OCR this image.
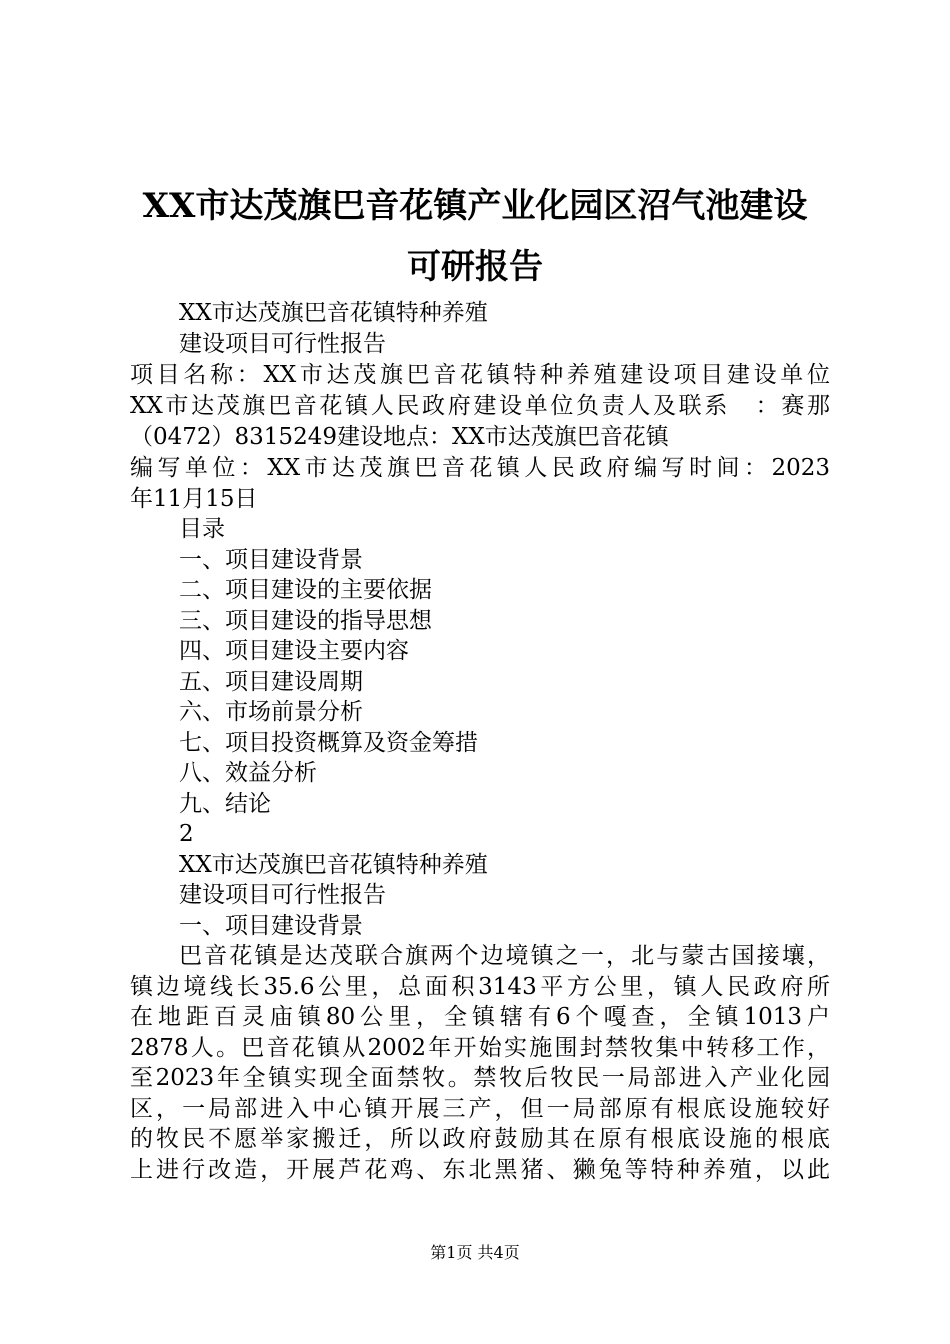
XX市达茂旗巴音花镇产业化园区沼气池建设
可研报告
XX市达茂旗巴音花镇特种养殖
建设项目可行性报告
项目名称：XX市达茂旗巴音花镇特种养殖建设项目建设单位
XX市达茂旗巴音花镇人民政府建设单位负责人及联系　：赛那
（0472）8315249建设地点：XX市达茂旗巴音花镇
编写单位：XX市达茂旗巴音花镇人民政府编写时间：2023
年11月15日
目录
一、项目建设背景
二、项目建设的主要依据
三、项目建设的指导思想
四、项目建设主要内容
五、项目建设周期
六、市场前景分析
七、项目投资概算及资金筹措
八、效益分析
九、结论
2
XX市达茂旗巴音花镇特种养殖
建设项目可行性报告
一、项目建设背景
巴音花镇是达茂联合旗两个边境镇之一，北与蒙古国接壤，
镇边境线长35.6公里，总面积3143平方公里，镇人民政府所
在地距百灵庙镇80公里，全镇辖有6个嘎查，全镇1013户
2878人。巴音花镇从2002年开始实施围封禁牧集中转移工作，
至2023年全镇实现全面禁牧。禁牧后牧民一局部进入产业化园
区，一局部进入中心镇开展三产，但一局部原有根底设施较好
的牧民不愿举家搬迁，所以政府鼓励其在原有根底设施的根底
上进行改造，开展芦花鸡、东北黑猪、獭兔等特种养殖，以此
第1页 共4页
